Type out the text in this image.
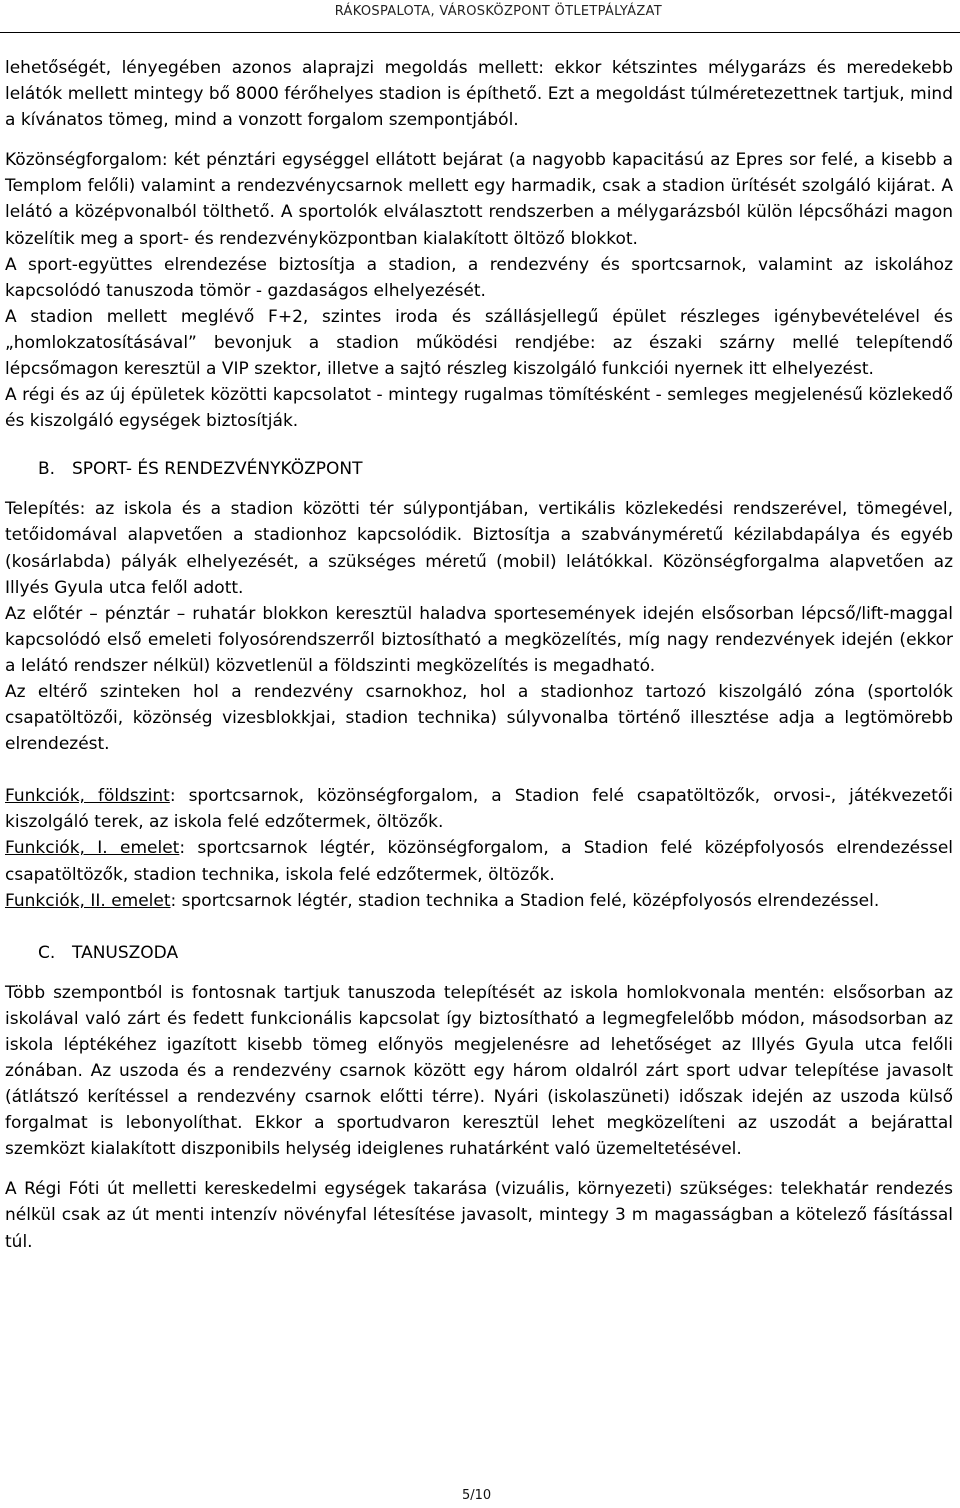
RÁKOSPALOTA, VÁROSKÖZPONT ÖTLETPÁLYÁZAT

lehetőségét, lényegében azonos alaprajzi megoldás mellett: ekkor kétszintes mélygarázs és meredekebb lelátók mellett mintegy bő 8000 férőhelyes stadion is építhető. Ezt a megoldást túlméretezettnek tartjuk, mind a kívánatos tömeg, mind a vonzott forgalom szempontjából.

Közönségforgalom: két pénztári egységgel ellátott bejárat (a nagyobb kapacitású az Epres sor felé, a kisebb a Templom felőli) valamint a rendezvénycsarnok mellett egy harmadik, csak a stadion ürítését szolgáló kijárat. A lelátó a középvonalból tölthető. A sportolók elválasztott rendszerben a mélygarázsból külön lépcsőházi magon közelítik meg a sport- és rendezvényközpontban kialakított öltöző blokkot.

A sport-együttes elrendezése biztosítja a stadion, a rendezvény és sportcsarnok, valamint az iskolához kapcsolódó tanuszoda tömör - gazdaságos elhelyezését.

A stadion mellett meglévő F+2, szintes iroda és szállásjellegű épület részleges igénybevételével és „homlokzatosításával” bevonjuk a stadion működési rendjébe: az északi szárny mellé telepítendő lépcsőmagon keresztül a VIP szektor, illetve a sajtó részleg kiszolgáló funkciói nyernek itt elhelyezést.

A régi és az új épületek közötti kapcsolatot - mintegy rugalmas tömítésként - semleges megjelenésű közlekedő és kiszolgáló egységek biztosítják.

B. SPORT- ÉS RENDEZVÉNYKÖZPONT

Telepítés: az iskola és a stadion közötti tér súlypontjában, vertikális közlekedési rendszerével, tömegével, tetőidomával alapvetően a stadionhoz kapcsolódik. Biztosítja a szabványméretű kézilabdapálya és egyéb (kosárlabda) pályák elhelyezését, a szükséges méretű (mobil) lelátókkal. Közönségforgalma alapvetően az Illyés Gyula utca felől adott.

Az előtér – pénztár – ruhatár blokkon keresztül haladva sportesemények idején elsősorban lépcső/lift-maggal kapcsolódó első emeleti folyosórendszerről biztosítható a megközelítés, míg nagy rendezvények idején (ekkor a lelátó rendszer nélkül) közvetlenül a földszinti megközelítés is megadható.

Az eltérő szinteken hol a rendezvény csarnokhoz, hol a stadionhoz tartozó kiszolgáló zóna (sportolók csapatöltözői, közönség vizesblokkjai, stadion technika) súlyvonalba történő illesztése adja a legtömörebb elrendezést.

Funkciók, földszint: sportcsarnok, közönségforgalom, a Stadion felé csapatöltözők, orvosi-, játékvezetői kiszolgáló terek, az iskola felé edzőtermek, öltözők.

Funkciók, I. emelet: sportcsarnok légtér, közönségforgalom, a Stadion felé középfolyosós elrendezéssel csapatöltözők, stadion technika, iskola felé edzőtermek, öltözők.

Funkciók, II. emelet: sportcsarnok légtér, stadion technika a Stadion felé, középfolyosós elrendezéssel.

C. TANUSZODA

Több szempontból is fontosnak tartjuk tanuszoda telepítését az iskola homlokvonala mentén: elsősorban az iskolával való zárt és fedett funkcionális kapcsolat így biztosítható a legmegfelelőbb módon, másodsorban az iskola léptékéhez igazított kisebb tömeg előnyös megjelenésre ad lehetőséget az Illyés Gyula utca felőli zónában. Az uszoda és a rendezvény csarnok között egy három oldalról zárt sport udvar telepítése javasolt (átlátszó kerítéssel a rendezvény csarnok előtti térre). Nyári (iskolaszüneti) időszak idején az uszoda külső forgalmat is lebonyolíthat. Ekkor a sportudvaron keresztül lehet megközelíteni az uszodát a bejárattal szemközt kialakított diszponibils helység ideiglenes ruhatárként való üzemeltetésével.

A Régi Fóti út melletti kereskedelmi egységek takarása (vizuális, környezeti) szükséges: telekhatár rendezés nélkül csak az út menti intenzív növényfal létesítése javasolt, mintegy 3 m magasságban a kötelező fásítással túl.

5/10
